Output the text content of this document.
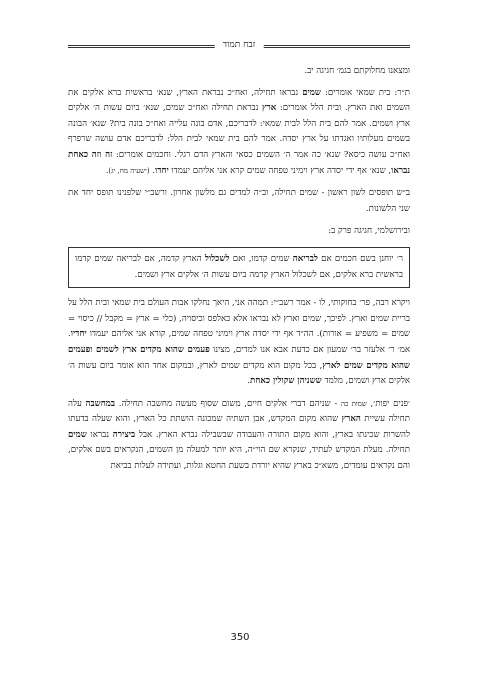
זבח תמוד

ומצאנו מחלוקתם בגמ׳ חגיגה יב.

ת״ר: בית שמאי אומרים: שמים נבראו תחילה, ואח״כ נבראת הארץ, שנא׳ בראשית ברא אלקים את השמים ואת הארץ. ובית הלל אומרים: ארץ נבראת תחילה ואח״כ שמים, שנא׳ ביום עשות ה׳ אלקים ארץ ושמים. אמר להם בית הלל לבית שמאי: לדבריכם, אדם בונה עלייה ואח״כ בונה בית? שנא׳ הבונה בשמים מעלותיו ואגדתו על ארץ יסדה. אמר להם בית שמאי לבית הלל: לדבריכם אדם עושה שרפרף ואח״כ עושה כיסא? שנא׳ כה אמר ה׳ השמים כסאי והארץ הדם רגלי. וחכמים אומרים: זה וזה כאחת נבראו, שנא׳ אף ידי יסדה ארץ וימיני טפחה שמים קרא אני אליהם יעמדו יחדו. (ישעיה מח, יג).

ב״ש תופסים לשון ראשון - שמים תחילה, וב״ה למדים גם מלשון אחרון. ורשב״י שלפנינו תופס יחד את שני הלשונות.

ובירושלמי, חגיגה פרק ב:

ר׳ יוחנן בשם חכמים אם לבריאה שמים קדמו, ואם לשכלול הארץ קדמה, אם לבריאה שמים קדמו בראשית ברא אלקים, אם לשכלול הארץ קדמה ביום עשות ה׳ אלקים ארץ ושמים.

ויקרא רבה, פר׳ בחוקותי, לו - אמר רשב״י: תמהה אני, היאך נחלקו אבות העולם בית שמאי ובית הלל על בריית שמים וארץ. לפיכך, שמים וארץ לא נבראו אלא כאלפס וכיסויה, (כלי = ארץ = מקבל // כיסוי = שמים = משפיע = אורות). הה״ד אף ידי יסדה ארץ וימיני טפחה שמים, קורא אני אליהם יעמדו יחדיו. אמ׳ ר׳ אלעזר בר׳ שמעון אם כדעת אבא אנו למדים, מצינו פעמים שהוא מקדים ארץ לשמים ופעמים שהוא מקדים שמים לארץ, בכל מקום הוא מקדים שמים לארץ, ובמקום אחד הוא אומר ביום עשות ה׳ אלקים ארץ ושמים, מלמד ששניהן שקולין כאחת.

׳פנים יפות׳, שמות כה - שניהם דברי אלקים חיים, משום שסוף מעשה מחשבה תחילה. במחשבה עלה תחילה עשיית הארץ שהוא מקום המקדש, אבן השתיה שמכונה הושתת כל הארץ, והוא שעלה בדעתו להשרות שכינתו בארץ, והוא מקום התורה והעבודה שבשבילה נברא הארץ. אבל ביצירה נבראו שמים תחילה. מעלת המקדש לעתיד, שנקרא שם הוי״ה, היא יותר למעלה מן השמים, הנקראים בשם אלקים, והם נקראים עומדים, משא״כ בארץ שהיא יורדת בשעת החטא וגלות, ועתידה לעלות בביאת

350
